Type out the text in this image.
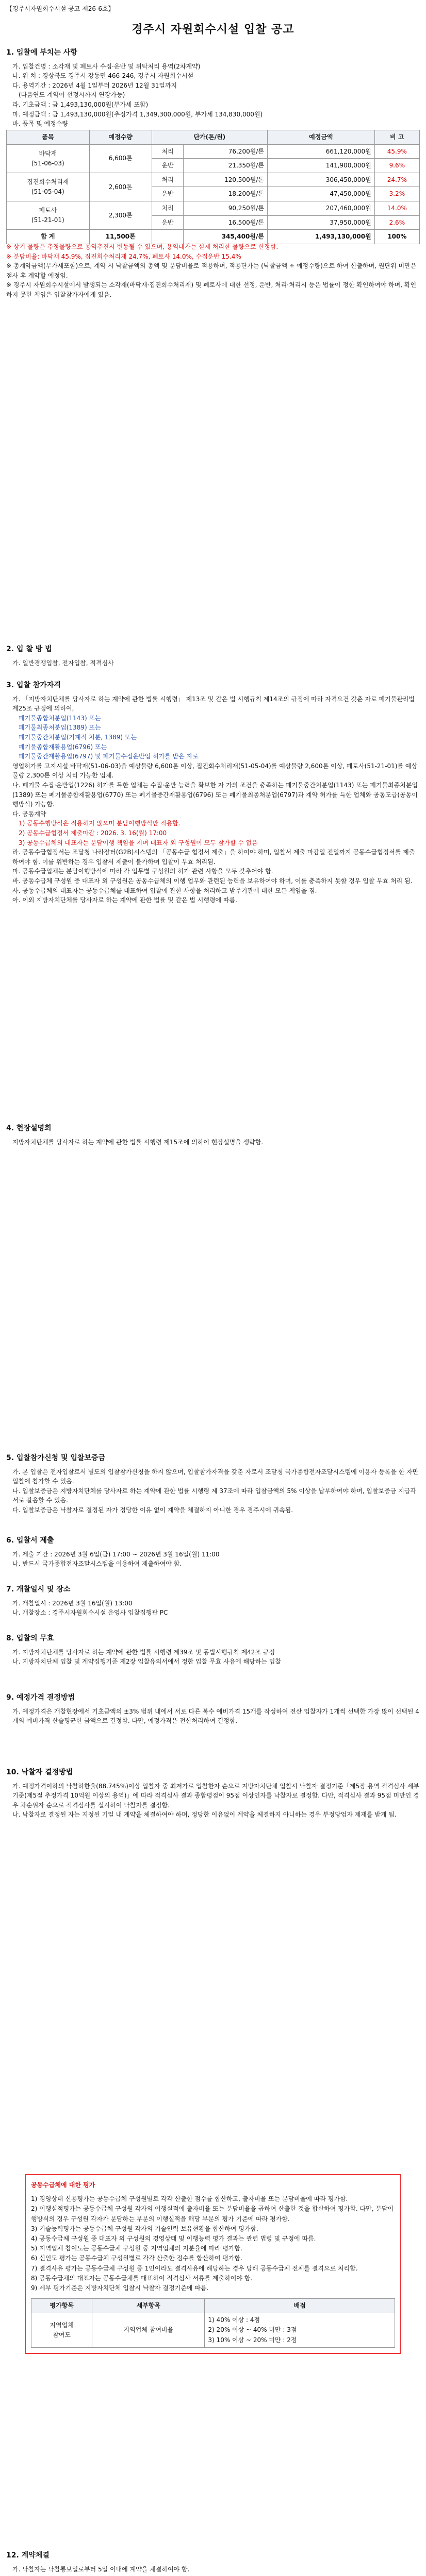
【경주시자원회수시설 공고 제26-6호】
경주시 자원회수시설 입찰 공고
1. 입찰에 부치는 사항
가. 입찰건명 : 소각재 및 폐토사 수집·운반 및 위탁처리 용역(2차계약)
나. 위 치 : 경상북도 경주시 강동면 466-246, 경주시 자원회수시설
다. 용역기간 : 2026년 4월 1일부터 2026년 12월 31일까지
(다음연도 계약이 선정시까지 연장가능)
라. 기초금액 : 금 1,493,130,000원(부가세 포함)
마. 예정금액 : 금 1,493,130,000원(추정가격 1,349,300,000원, 부가세 134,830,000원)
바. 품목 및 예정수량
품목	예정수량	단가(톤/원)		예정금액	비 고
바닥재
(51-06-03)	6,600톤	처리	76,200원/톤	661,120,000원	45.9%
		운반	21,350원/톤	141,900,000원	9.6%
집진회수처리재
(51-05-04)	2,600톤	처리	120,500원/톤	306,450,000원	24.7%
		운반	18,200원/톤	47,450,000원	3.2%
폐토사
(51-21-01)	2,300톤	처리	90,250원/톤	207,460,000원	14.0%
		운반	16,500원/톤	37,950,000원	2.6%
합 계	11,500톤		345,400원/톤	1,493,130,000원	100%
※ 상기 물량은 추정물량으로 용역추진시 변동될 수 있으며, 용역대가는 실제 처리한 물량으로 산정함.
※ 분담비율: 바닥재 45.9%, 집진회수처리재 24.7%, 폐토사 14.0%, 수집운반 15.4%
※ 총계약금액(부가세포함)으로, 계약 시 낙찰금액의 총액 및 분담비율로 적용하며, 적용단가는 (낙찰금액 ÷ 예정수량)으로 하여 산출하며, 원단위 미만은 절사 후 계약할 예정임.
※ 경주시 자원회수시설에서 발생되는 소각재(바닥재·집진회수처리재) 및 폐토사에 대한 선정, 운반, 처리·처리시 등은 법률이 정한 확인하여야 하며, 확인하지 못한 책임은 입찰참가자에게 있음.
2. 입 찰 방 법
가. 일반경쟁입찰, 전자입찰, 적격심사
3. 입찰 참가자격
가. 「지방자치단체를 당사자로 하는 계약에 관한 법률 시행령」 제13조 및 같은 법 시행규칙 제14조의 규정에 따라 자격요건 갖춘 자로 폐기물관리법 제25조 규정에 의하여,
폐기물종합처분업(1143) 또는
폐기물최종처분업(1389) 또는
폐기물중간처분업(기계적 처분, 1389) 또는
폐기물종합재활용업(6796) 또는
폐기물중간재활용업(6797) 및 폐기물수집운반업 허가를 받은 자로
영업허가를 고지시설 바닥재(51-06-03)을 예상물량 6,600톤 이상, 집진회수처리재(51-05-04)를 예상물량 2,600톤 이상, 폐토사(51-21-01)를 예상물량 2,300톤 이상 처리 가능한 업체.
나. 폐기물 수집·운반업(1226) 허가를 득한 업체는 수집·운반 능력을 확보한 자 가의 조건을 충족하는 폐기물중간처분업(1143) 또는 폐기물최종처분업(1389) 또는 폐기물종합재활용업(6770) 또는 폐기물중간재활용업(6796) 또는 폐기물최종처분업(6797)과 계약 허가를 득한 업체와 공동도급(공동이행방식) 가능함.
다. 공동계약
1) 공동수행방식은 적용하지 않으며 분담이행방식만 적용함.
2) 공동수급협정서 제출마감 : 2026. 3. 16(월) 17:00
3) 공동수급체의 대표자는 분담이행 책임을 지며 대표자 외 구성원이 모두 참가할 수 없음
라. 공동수급협정서는 조달청 나라장터(G2B)시스템의 「공동수급 협정서 제출」을 하여야 하며, 입찰서 제출 마감일 전일까지 공동수급협정서를 제출하여야 함. 이를 위반하는 경우 입찰서 제출이 불가하며 입찰이 무효 처리됨.
마. 공동수급업체는 분담이행방식에 따라 각 업무별 구성원의 허가 관련 사항을 모두 갖추어야 함.
바. 공동수급체 구성원 중 대표자 외 구성원은 공동수급체의 이행 업무와 관련된 능력을 보유하여야 하며, 이를 충족하지 못할 경우 입찰 무효 처리 됨.
사. 공동수급체의 대표자는 공동수급체를 대표하여 입찰에 관한 사항을 처리하고 발주기관에 대한 모든 책임을 짐.
아. 이외 지방자치단체를 당사자로 하는 계약에 관한 법률 및 같은 법 시행령에 따름.
4. 현장설명회
지방자치단체를 당사자로 하는 계약에 관한 법률 시행령 제15조에 의하여 현장설명을 생략함.
5. 입찰참가신청 및 입찰보증금
가. 본 입찰은 전자입찰로서 별도의 입찰참가신청을 하지 않으며, 입찰참가자격을 갖춘 자로서 조달청 국가종합전자조달시스템에 이용자 등록을 한 자만 입찰에 참가할 수 있음.
나. 입찰보증금은 지방자치단체를 당사자로 하는 계약에 관한 법률 시행령 제 37조에 따라 입찰금액의 5% 이상을 납부하여야 하며, 입찰보증금 지급각서로 갈음할 수 있음.
다. 입찰보증금은 낙찰자로 결정된 자가 정당한 이유 없이 계약을 체결하지 아니한 경우 경주시에 귀속됨.
6. 입찰서 제출
가. 제출 기간 : 2026년 3월 6일(금) 17:00 ~ 2026년 3월 16일(월) 11:00
나. 반드시 국가종합전자조달시스템을 이용하여 제출하여야 함.
7. 개찰일시 및 장소
가. 개찰일시 : 2026년 3월 16일(월) 13:00
나. 개찰장소 : 경주시자원회수시설 운영사 입찰집행관 PC
8. 입찰의 무효
가. 지방자치단체를 당사자로 하는 계약에 관한 법률 시행령 제39조 및 동법시행규칙 제42조 규정
나. 지방자치단체 입찰 및 계약집행기준 제2장 입찰유의서에서 정한 입찰 무효 사유에 해당하는 입찰
9. 예정가격 결정방법
가. 예정가격은 개찰현장에서 기초금액의 ±3% 범위 내에서 서로 다른 복수 예비가격 15개를 작성하여 전산 입찰자가 1개씩 선택한 가장 많이 선택된 4개의 예비가격 산술평균한 금액으로 결정함. 다만, 예정가격은 전산처리하여 결정함.
10. 낙찰자 결정방법
가. 예정가격이하의 낙찰하한율(88.745%)이상 입찰자 중 최저가로 입찰한자 순으로 지방자치단체 입찰시 낙찰자 결정기준「제5장 용역 적격심사 세부기준(제5절 추정가격 10억원 이상의 용역)」에 따라 적격심사 결과 종합평점이 95점 이상인자를 낙찰자로 결정함. 다만, 적격심사 결과 95점 미만인 경우 차순위자 순으로 적격심사를 실시하여 낙찰자를 결정함.
나. 낙찰자로 결정된 자는 지정된 기일 내 계약을 체결하여야 하며, 정당한 이유없이 계약을 체결하지 아니하는 경우 부정당업자 제재를 받게 됨.
공동수급체에 대한 평가
1) 경영상태 신용평가는 공동수급체 구성원별로 각각 산출한 점수를 합산하고, 출자비율 또는 분담비율에 따라 평가함.
2) 이행실적평가는 공동수급체 구성원 각자의 이행실적에 출자비율 또는 분담비율을 곱하여 산출한 것을 합산하여 평가함. 다만, 분담이행방식의 경우 구성원 각자가 분담하는 부분의 이행실적을 해당 부분의 평가 기준에 따라 평가함.
3) 기술능력평가는 공동수급체 구성원 각자의 기술인력 보유현황을 합산하여 평가함.
4) 공동수급체 구성원 중 대표자 외 구성원의 경영상태 및 이행능력 평가 결과는 관련 법령 및 규정에 따름.
5) 지역업체 참여도는 공동수급체 구성원 중 지역업체의 지분율에 따라 평가함.
6) 신인도 평가는 공동수급체 구성원별로 각각 산출한 점수를 합산하여 평가함.
7) 결격사유 평가는 공동수급체 구성원 중 1인이라도 결격사유에 해당하는 경우 당해 공동수급체 전체를 결격으로 처리함.
8) 공동수급체의 대표자는 공동수급체를 대표하여 적격심사 서류를 제출하여야 함.
9) 세부 평가기준은 지방자치단체 입찰시 낙찰자 결정기준에 따름.
평가항목	세부항목	배점
지역업체
참여도	지역업체 참여비율	1) 40% 이상 : 4점
2) 20% 이상 ~ 40% 미만 : 3점
3) 10% 이상 ~ 20% 미만 : 2점
12. 계약체결
가. 낙찰자는 낙찰통보일로부터 5일 이내에 계약을 체결하여야 함.
